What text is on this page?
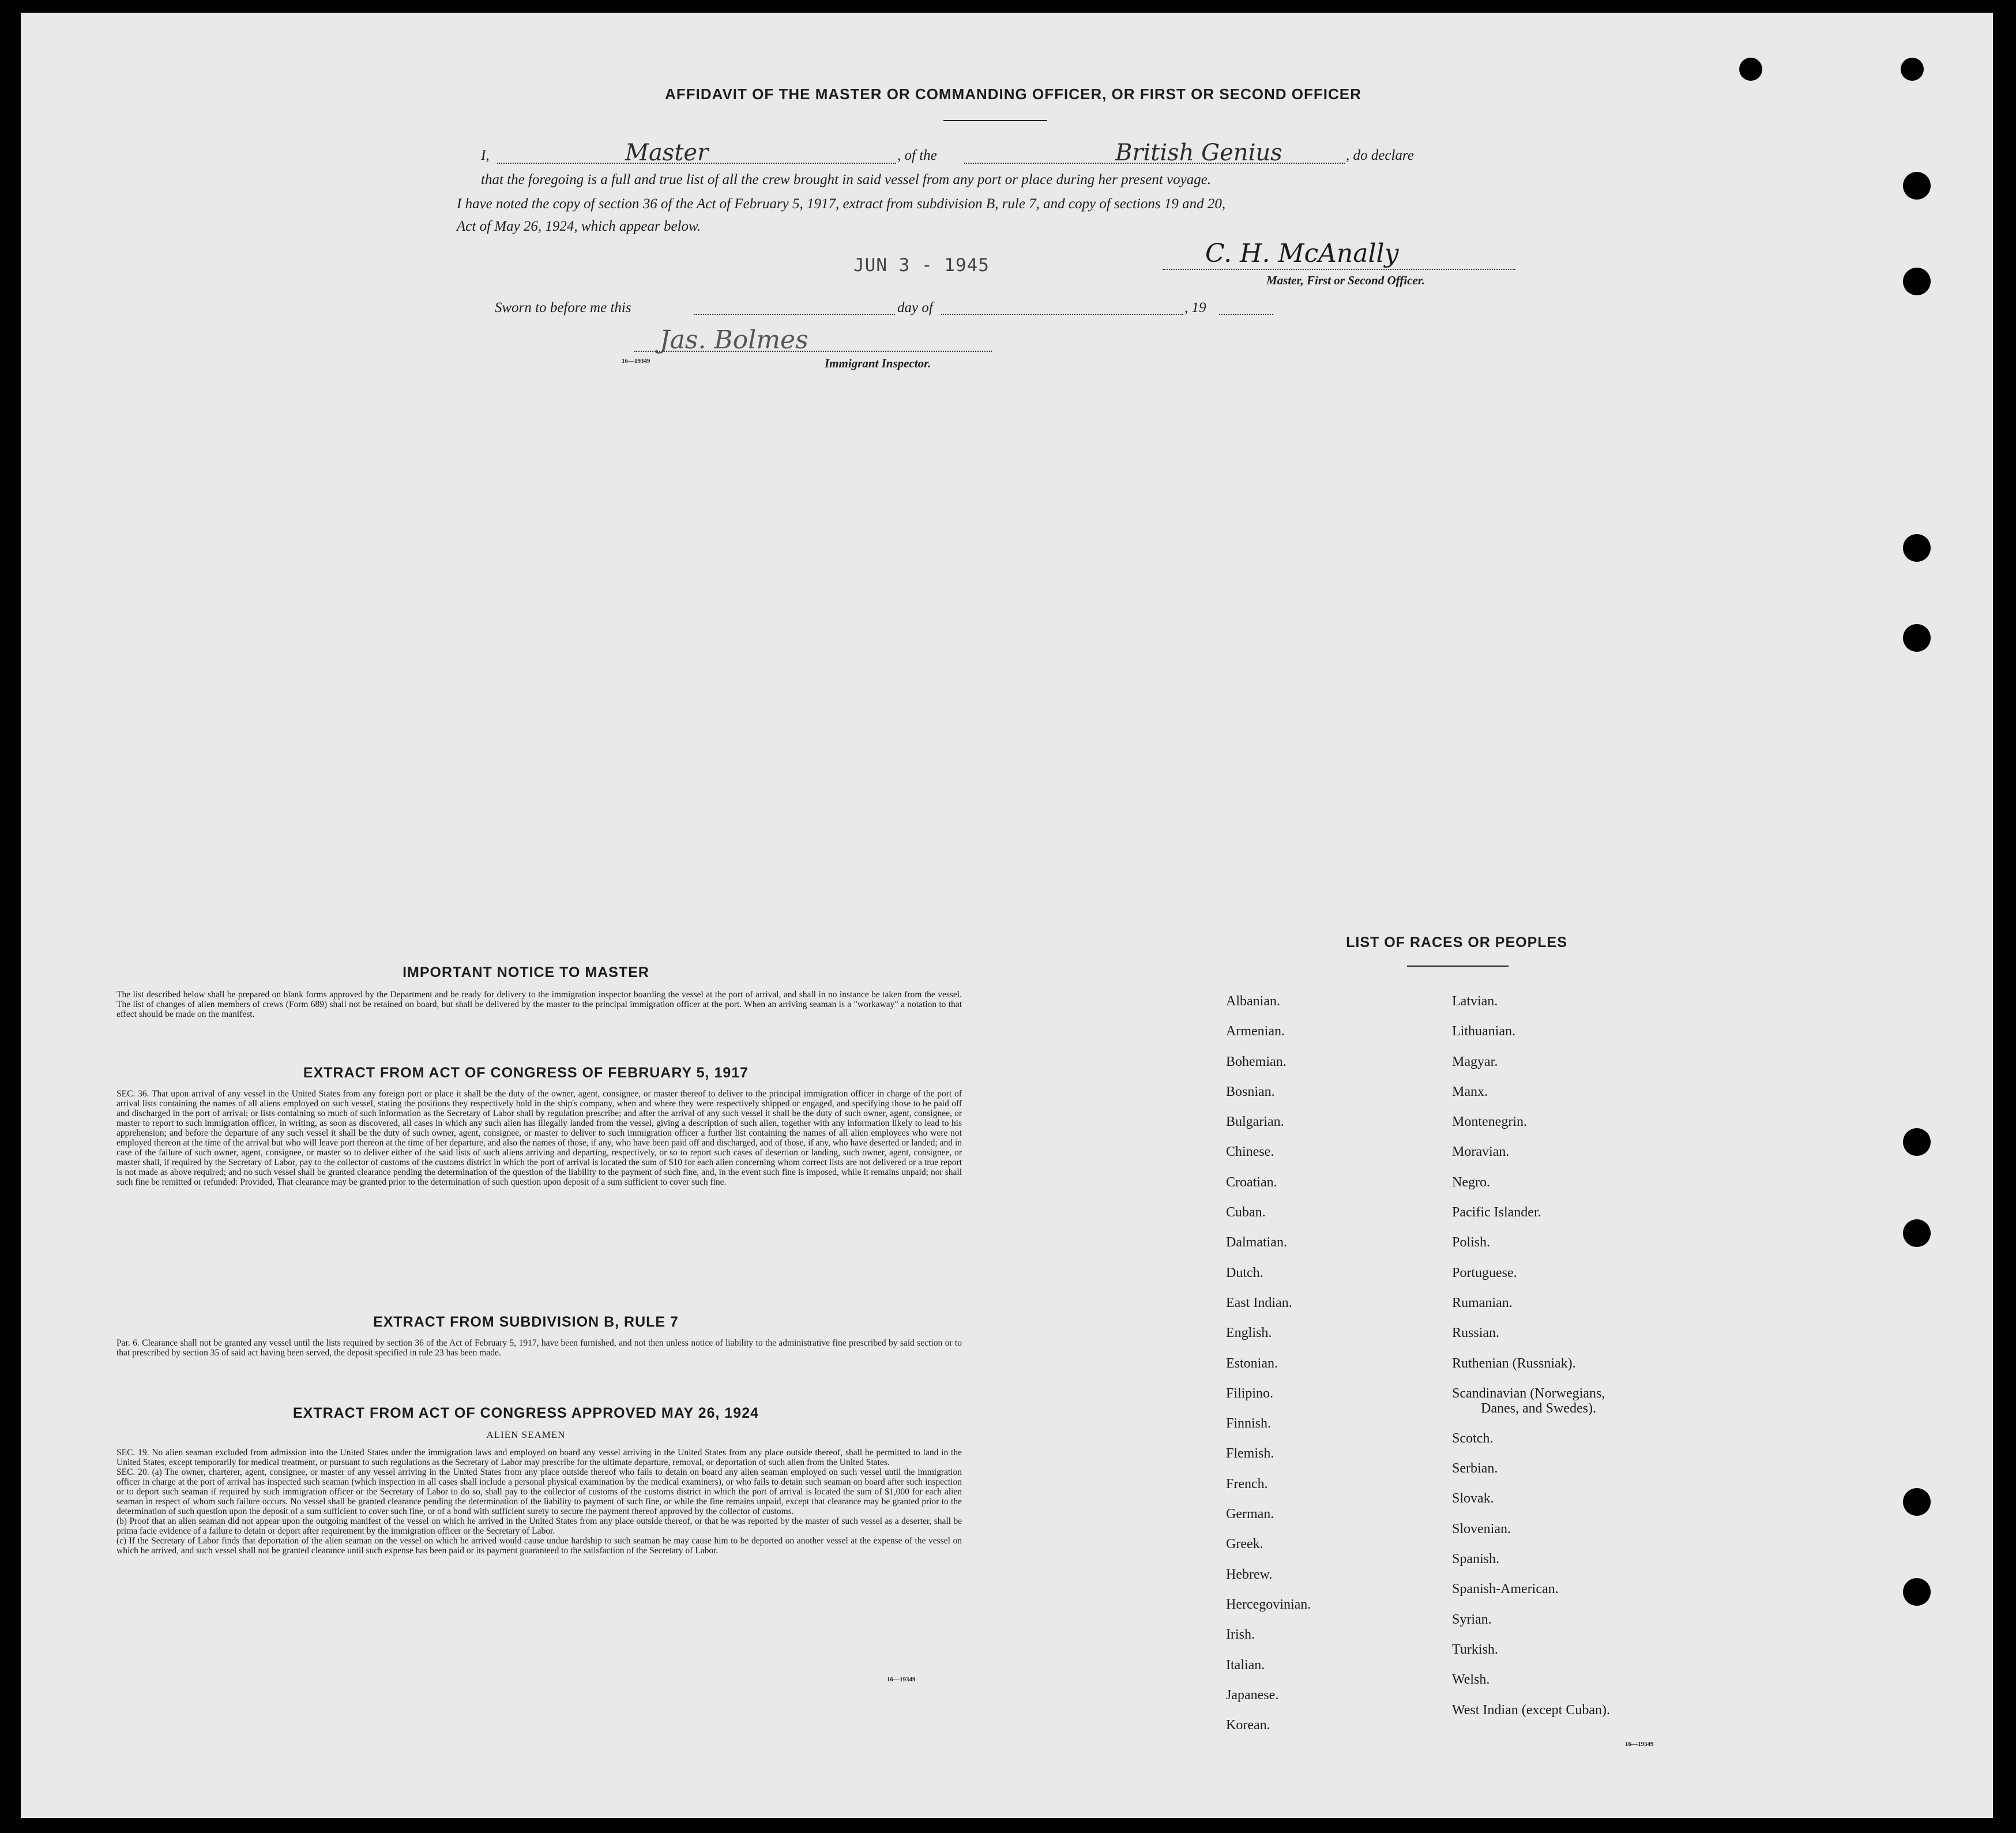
AFFIDAVIT OF THE MASTER OR COMMANDING OFFICER, OR FIRST OR SECOND OFFICER
I,	Master	, of the	British Genius	, do declare
that the foregoing is a full and true list of all the crew brought in said vessel from any port or place during her present voyage.
I have noted the copy of section 36 of the Act of February 5, 1917, extract from subdivision B, rule 7, and copy of sections 19 and 20,
Act of May 26, 1924, which appear below.
JUN 3 - 1945	C. H. McAnally
Master, First or Second Officer.
Sworn to before me this	day of	, 19
Jas. Bolmes
16—19349	Immigrant Inspector.
IMPORTANT NOTICE TO MASTER

The list described below shall be prepared on blank forms approved by the Department and be ready for delivery to the immigration inspector boarding the vessel at the port of arrival, and shall in no instance be taken from the vessel. The list of changes of alien members of crews (Form 689) shall not be retained on board, but shall be delivered by the master to the principal immigration officer at the port. When an arriving seaman is a "workaway" a notation to that effect should be made on the manifest.

EXTRACT FROM ACT OF CONGRESS OF FEBRUARY 5, 1917

SEC. 36. That upon arrival of any vessel in the United States from any foreign port or place it shall be the duty of the owner, agent, consignee, or master thereof to deliver to the principal immigration officer in charge of the port of arrival lists containing the names of all aliens employed on such vessel, stating the positions they respectively hold in the ship's company, when and where they were respectively shipped or engaged, and specifying those to be paid off and discharged in the port of arrival; or lists containing so much of such information as the Secretary of Labor shall by regulation prescribe; and after the arrival of any such vessel it shall be the duty of such owner, agent, consignee, or master to report to such immigration officer, in writing, as soon as discovered, all cases in which any such alien has illegally landed from the vessel, giving a description of such alien, together with any information likely to lead to his apprehension; and before the departure of any such vessel it shall be the duty of such owner, agent, consignee, or master to deliver to such immigration officer a further list containing the names of all alien employees who were not employed thereon at the time of the arrival but who will leave port thereon at the time of her departure, and also the names of those, if any, who have been paid off and discharged, and of those, if any, who have deserted or landed; and in case of the failure of such owner, agent, consignee, or master so to deliver either of the said lists of such aliens arriving and departing, respectively, or so to report such cases of desertion or landing, such owner, agent, consignee, or master shall, if required by the Secretary of Labor, pay to the collector of customs of the customs district in which the port of arrival is located the sum of $10 for each alien concerning whom correct lists are not delivered or a true report is not made as above required; and no such vessel shall be granted clearance pending the determination of the question of the liability to the payment of such fine, and, in the event such fine is imposed, while it remains unpaid; nor shall such fine be remitted or refunded: Provided, That clearance may be granted prior to the determination of such question upon deposit of a sum sufficient to cover such fine.

EXTRACT FROM SUBDIVISION B, RULE 7

Par. 6. Clearance shall not be granted any vessel until the lists required by section 36 of the Act of February 5, 1917, have been furnished, and not then unless notice of liability to the administrative fine prescribed by said section or to that prescribed by section 35 of said act having been served, the deposit specified in rule 23 has been made.

EXTRACT FROM ACT OF CONGRESS APPROVED MAY 26, 1924
ALIEN SEAMEN

SEC. 19. No alien seaman excluded from admission into the United States under the immigration laws and employed on board any vessel arriving in the United States from any place outside thereof, shall be permitted to land in the United States, except temporarily for medical treatment, or pursuant to such regulations as the Secretary of Labor may prescribe for the ultimate departure, removal, or deportation of such alien from the United States.

SEC. 20. (a) The owner, charterer, agent, consignee, or master of any vessel arriving in the United States from any place outside thereof who fails to detain on board any alien seaman employed on such vessel until the immigration officer in charge at the port of arrival has inspected such seaman (which inspection in all cases shall include a personal physical examination by the medical examiners), or who fails to detain such seaman on board after such inspection or to deport such seaman if required by such immigration officer or the Secretary of Labor to do so, shall pay to the collector of customs of the customs district in which the port of arrival is located the sum of $1,000 for each alien seaman in respect of whom such failure occurs. No vessel shall be granted clearance pending the determination of the liability to payment of such fine, or while the fine remains unpaid, except that clearance may be granted prior to the determination of such question upon the deposit of a sum sufficient to cover such fine, or of a bond with sufficient surety to secure the payment thereof approved by the collector of customs.

(b) Proof that an alien seaman did not appear upon the outgoing manifest of the vessel on which he arrived in the United States from any place outside thereof, or that he was reported by the master of such vessel as a deserter, shall be prima facie evidence of a failure to detain or deport after requirement by the immigration officer or the Secretary of Labor.

(c) If the Secretary of Labor finds that deportation of the alien seaman on the vessel on which he arrived would cause undue hardship to such seaman he may cause him to be deported on another vessel at the expense of the vessel on which he arrived, and such vessel shall not be granted clearance until such expense has been paid or its payment guaranteed to the satisfaction of the Secretary of Labor.

16—19349
LIST OF RACES OR PEOPLES
Albanian.
Armenian.
Bohemian.
Bosnian.
Bulgarian.
Chinese.
Croatian.
Cuban.
Dalmatian.
Dutch.
East Indian.
English.
Estonian.
Filipino.
Finnish.
Flemish.
French.
German.
Greek.
Hebrew.
Hercegovinian.
Irish.
Italian.
Japanese.
Korean.
Latvian.
Lithuanian.
Magyar.
Manx.
Montenegrin.
Moravian.
Negro.
Pacific Islander.
Polish.
Portuguese.
Rumanian.
Russian.
Ruthenian (Russniak).
Scandinavian (Norwegians,
Danes, and Swedes).
Scotch.
Serbian.
Slovak.
Slovenian.
Spanish.
Spanish-American.
Syrian.
Turkish.
Welsh.
West Indian (except Cuban).
16—19349
